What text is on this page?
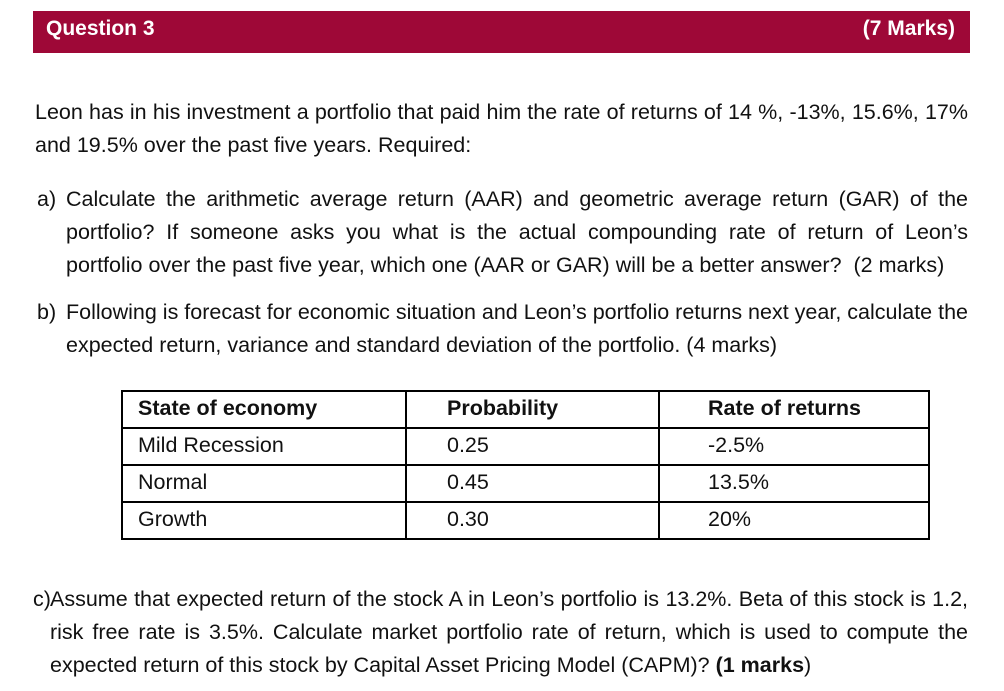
Question 3	(7 Marks)

Leon has in his investment a portfolio that paid him the rate of returns of 14 %, -13%, 15.6%, 17% and 19.5% over the past five years. Required:

a) Calculate the arithmetic average return (AAR) and geometric average return (GAR) of the portfolio? If someone asks you what is the actual compounding rate of return of Leon’s portfolio over the past five year, which one (AAR or GAR) will be a better answer?  (2 marks)
b) Following is forecast for economic situation and Leon’s portfolio returns next year, calculate the expected return, variance and standard deviation of the portfolio. (4 marks)
State of economy	Probability	Rate of returns
Mild Recession	0.25	-2.5%
Normal	0.45	13.5%
Growth	0.30	20%
c) Assume that expected return of the stock A in Leon’s portfolio is 13.2%. Beta of this stock is 1.2, risk free rate is 3.5%. Calculate market portfolio rate of return, which is used to compute the expected return of this stock by Capital Asset Pricing Model (CAPM)? (1 marks)
